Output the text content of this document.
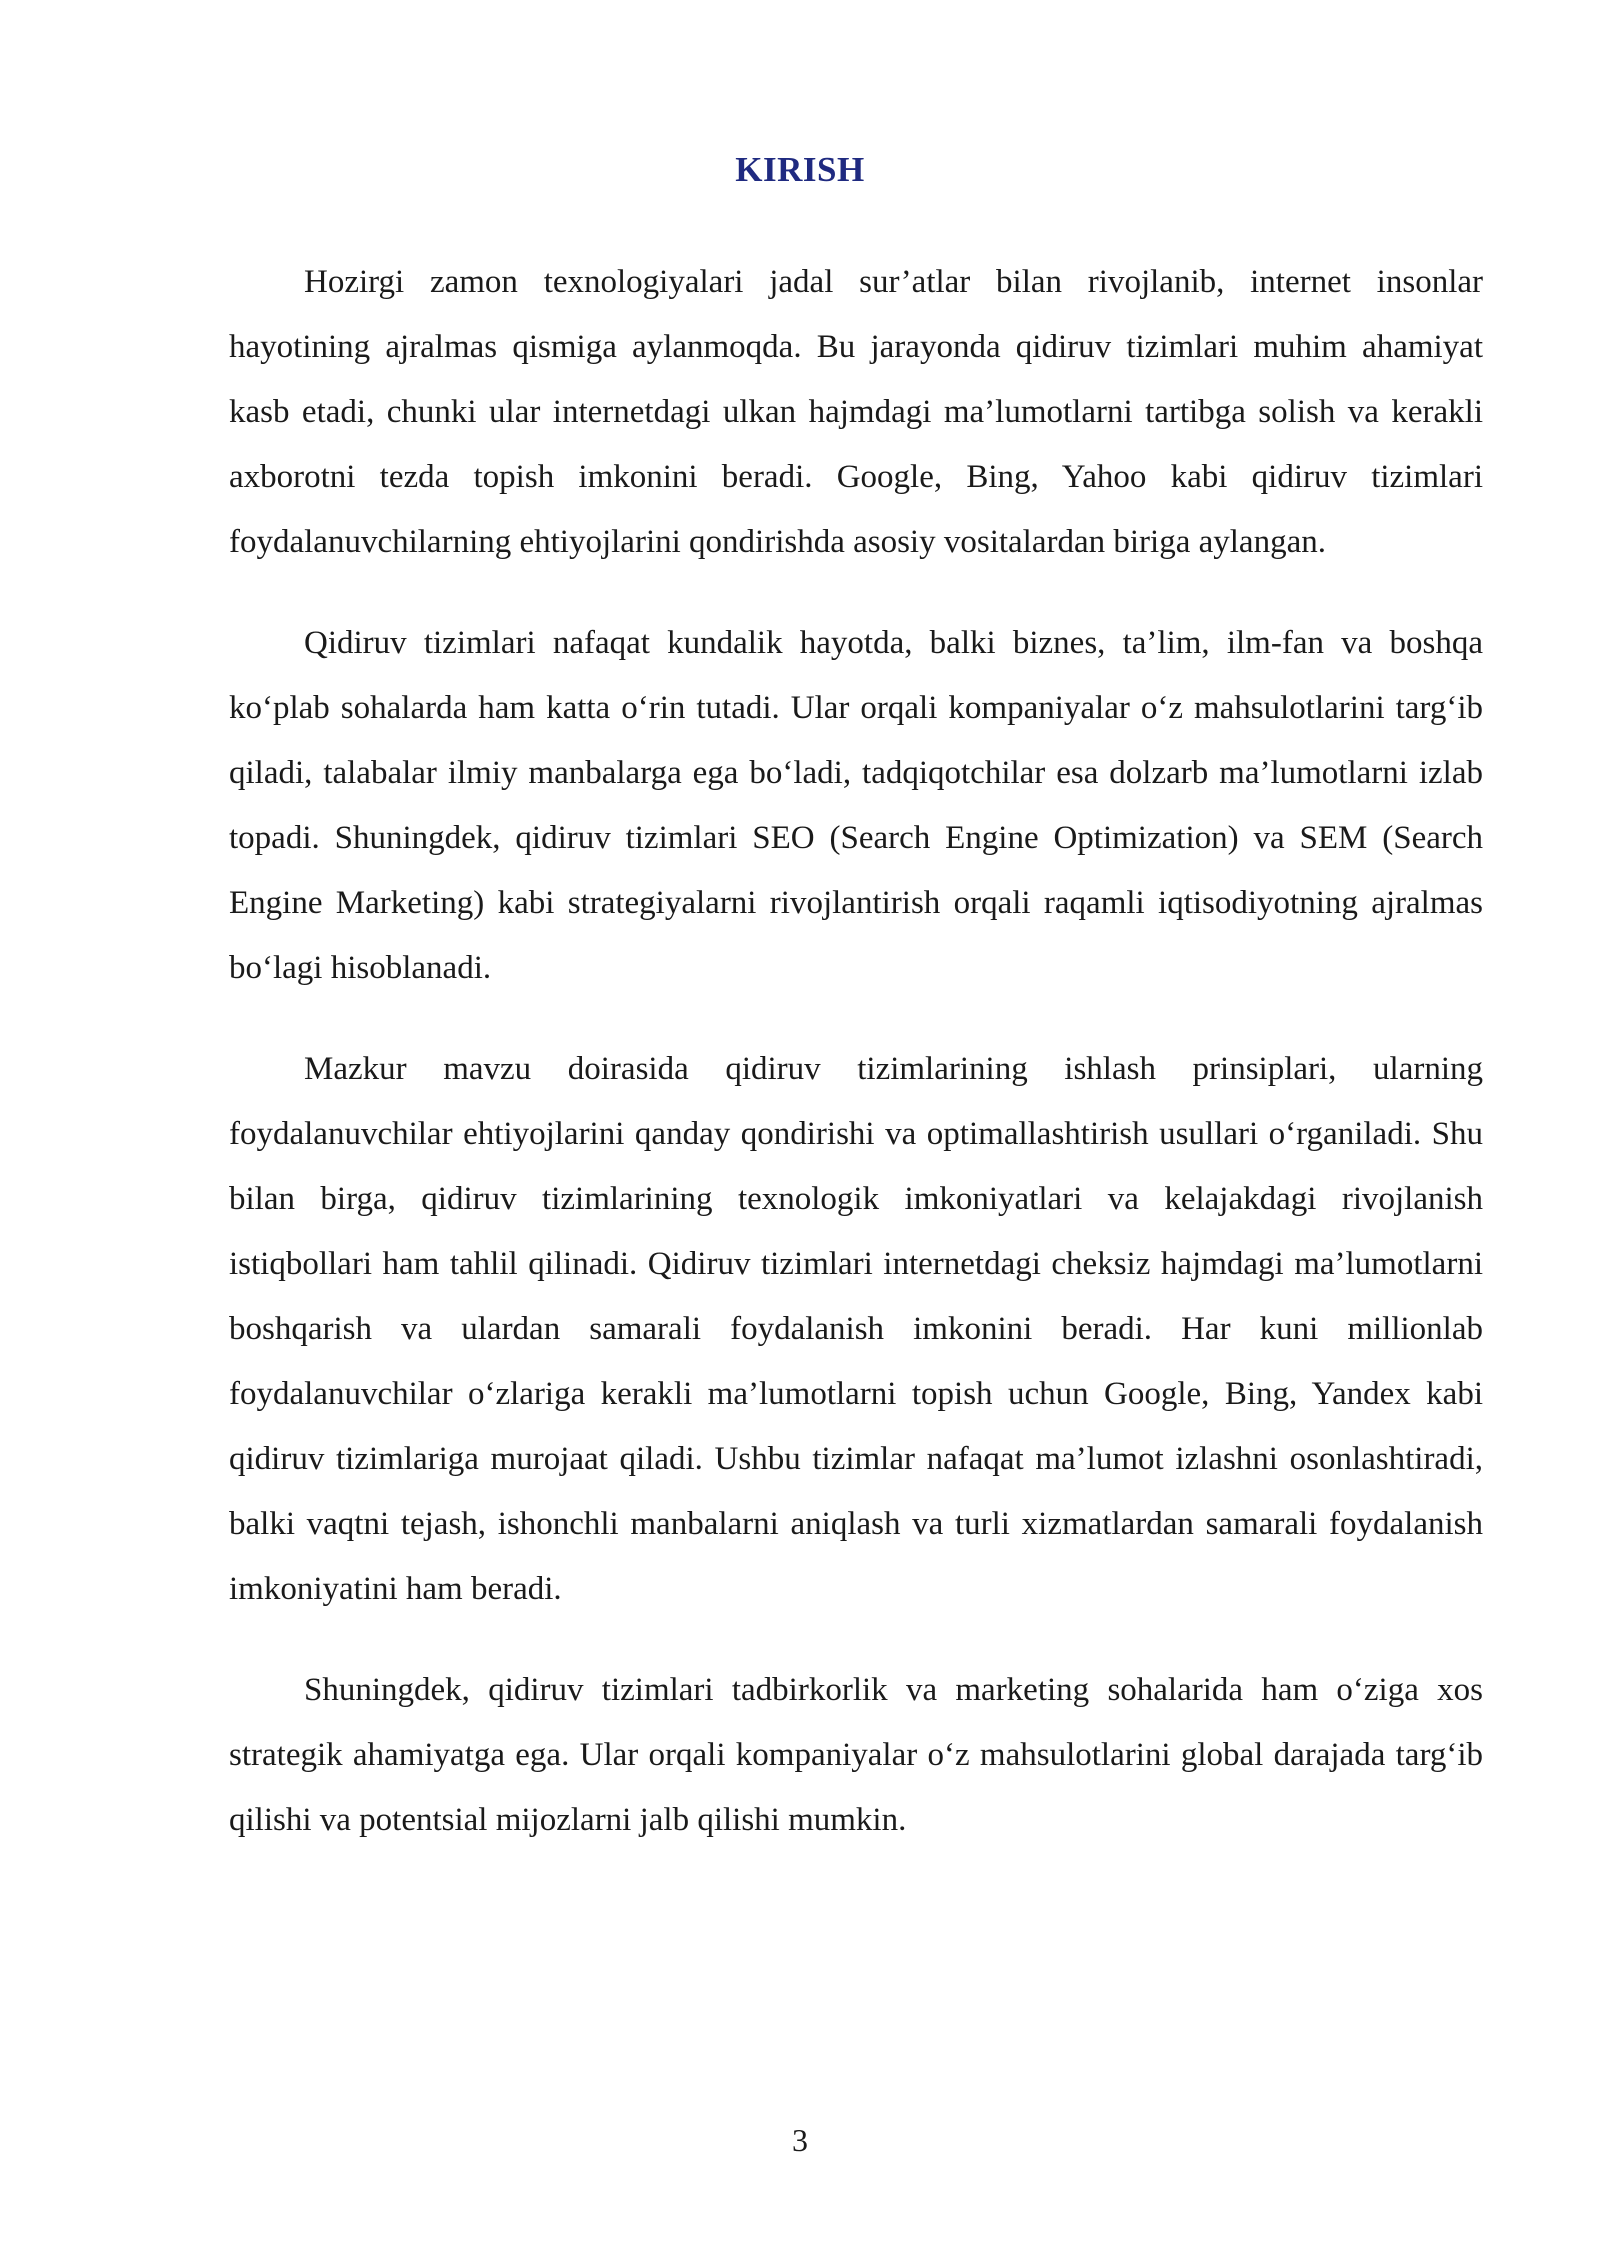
KIRISH

Hozirgi zamon texnologiyalari jadal sur’atlar bilan rivojlanib, internet insonlar hayotining ajralmas qismiga aylanmoqda. Bu jarayonda qidiruv tizimlari muhim ahamiyat kasb etadi, chunki ular internetdagi ulkan hajmdagi ma’lumotlarni tartibga solish va kerakli axborotni tezda topish imkonini beradi. Google, Bing, Yahoo kabi qidiruv tizimlari foydalanuvchilarning ehtiyojlarini qondirishda asosiy vositalardan biriga aylangan.

Qidiruv tizimlari nafaqat kundalik hayotda, balki biznes, ta’lim, ilm-fan va boshqa ko‘plab sohalarda ham katta o‘rin tutadi. Ular orqali kompaniyalar o‘z mahsulotlarini targ‘ib qiladi, talabalar ilmiy manbalarga ega bo‘ladi, tadqiqotchilar esa dolzarb ma’lumotlarni izlab topadi. Shuningdek, qidiruv tizimlari SEO (Search Engine Optimization) va SEM (Search Engine Marketing) kabi strategiyalarni rivojlantirish orqali raqamli iqtisodiyotning ajralmas bo‘lagi hisoblanadi.

Mazkur mavzu doirasida qidiruv tizimlarining ishlash prinsiplari, ularning foydalanuvchilar ehtiyojlarini qanday qondirishi va optimallashtirish usullari o‘rganiladi. Shu bilan birga, qidiruv tizimlarining texnologik imkoniyatlari va kelajakdagi rivojlanish istiqbollari ham tahlil qilinadi. Qidiruv tizimlari internetdagi cheksiz hajmdagi ma’lumotlarni boshqarish va ulardan samarali foydalanish imkonini beradi. Har kuni millionlab foydalanuvchilar o‘zlariga kerakli ma’lumotlarni topish uchun Google, Bing, Yandex kabi qidiruv tizimlariga murojaat qiladi. Ushbu tizimlar nafaqat ma’lumot izlashni osonlashtiradi, balki vaqtni tejash, ishonchli manbalarni aniqlash va turli xizmatlardan samarali foydalanish imkoniyatini ham beradi.

Shuningdek, qidiruv tizimlari tadbirkorlik va marketing sohalarida ham o‘ziga xos strategik ahamiyatga ega. Ular orqali kompaniyalar o‘z mahsulotlarini global darajada targ‘ib qilishi va potentsial mijozlarni jalb qilishi mumkin.

3
